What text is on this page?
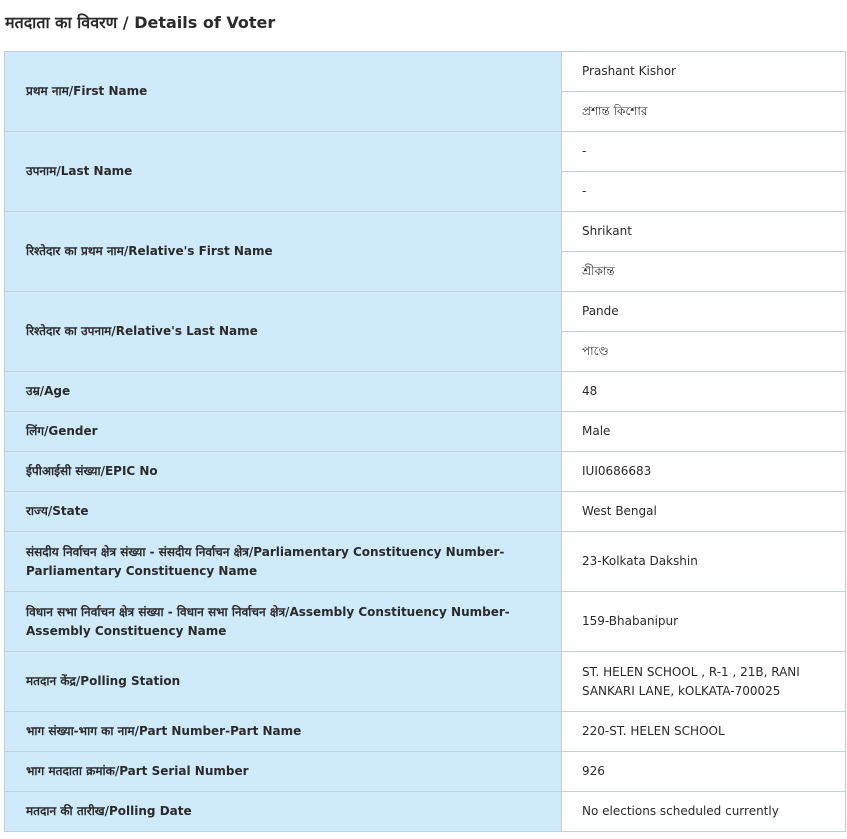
मतदाता का विवरण / Details of Voter
प्रथम नाम/First Name	Prashant Kishor
	প্রশান্ত কিশোর
उपनाम/Last Name	-
	-
रिश्तेदार का प्रथम नाम/Relative's First Name	Shrikant
	শ্রীকান্ত
रिश्तेदार का उपनाम/Relative's Last Name	Pande
	পাণ্ডে
उम्र/Age	48
लिंग/Gender	Male
ईपीआईसी संख्या/EPIC No	IUI0686683
राज्य/State	West Bengal
संसदीय निर्वाचन क्षेत्र संख्या - संसदीय निर्वाचन क्षेत्र/Parliamentary Constituency Number-Parliamentary Constituency Name	23-Kolkata Dakshin
विधान सभा निर्वाचन क्षेत्र संख्या - विधान सभा निर्वाचन क्षेत्र/Assembly Constituency Number-Assembly Constituency Name	159-Bhabanipur
मतदान केंद्र/Polling Station	ST. HELEN SCHOOL , R-1 , 21B, RANI SANKARI LANE, kOLKATA-700025
भाग संख्या-भाग का नाम/Part Number-Part Name	220-ST. HELEN SCHOOL
भाग मतदाता क्रमांक/Part Serial Number	926
मतदान की तारीख/Polling Date	No elections scheduled currently
